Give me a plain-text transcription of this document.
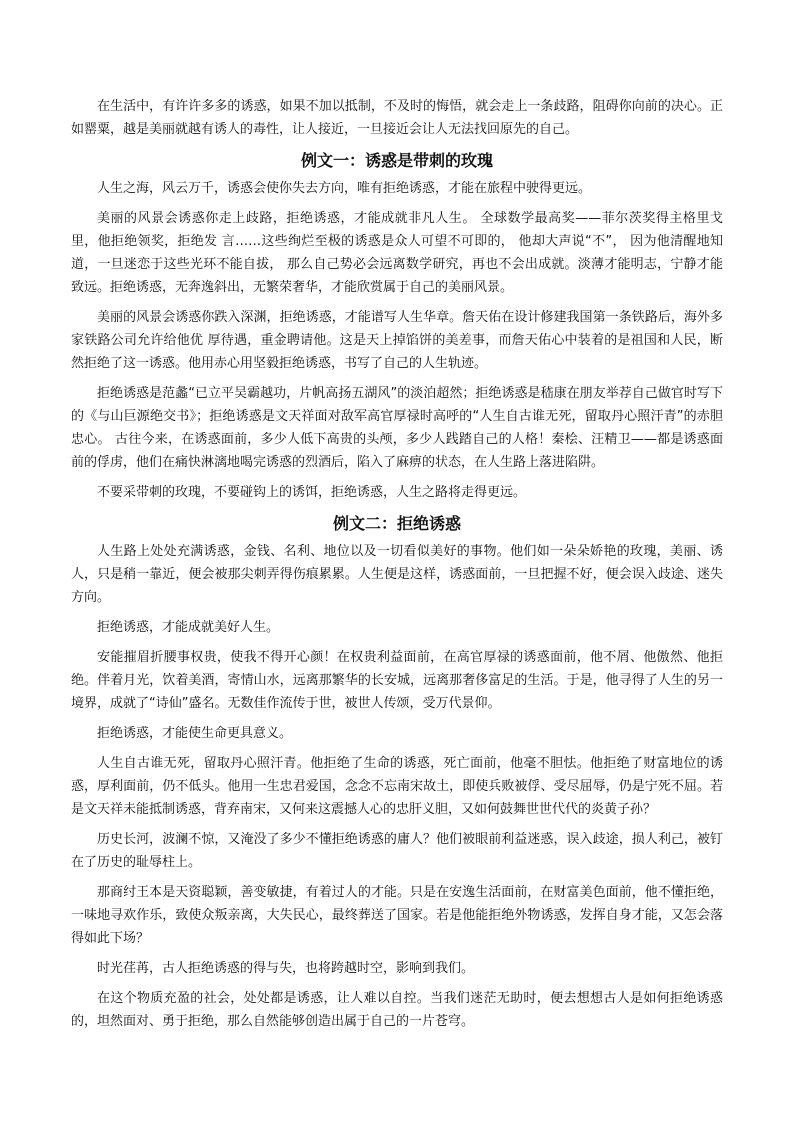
在生活中，有许许多多的诱惑，如果不加以抵制，不及时的悔悟，就会走上一条歧路，阻碍你向前的决心。正如罂粟，越是美丽就越有诱人的毒性，让人接近，一旦接近会让人无法找回原先的自己。

例文一：诱惑是带刺的玫瑰

人生之海，风云万千，诱惑会使你失去方向，唯有拒绝诱惑，才能在旅程中驶得更远。

美丽的风景会诱惑你走上歧路，拒绝诱惑，才能成就非凡人生。 全球数学最高奖——菲尔茨奖得主格里戈里，他拒绝领奖，拒绝发 言……这些绚烂至极的诱惑是众人可望不可即的， 他却大声说“不”， 因为他清醒地知道，一旦迷恋于这些光环不能自拔， 那么自己势必会远离数学研究，再也不会出成就。淡薄才能明志，宁静才能致远。拒绝诱惑，无奔逸斜出，无繁荣奢华，才能欣赏属于自己的美丽风景。

美丽的风景会诱惑你跌入深渊，拒绝诱惑，才能谱写人生华章。詹天佑在设计修建我国第一条铁路后，海外多家铁路公司允许给他优 厚待遇，重金聘请他。这是天上掉馅饼的美差事，而詹天佑心中装着的是祖国和人民，断然拒绝了这一诱惑。他用赤心用坚毅拒绝诱惑，书写了自己的人生轨迹。

拒绝诱惑是范蠡“已立平吴霸越功，片帆高扬五湖风”的淡泊超然；拒绝诱惑是嵇康在朋友举荐自己做官时写下的《与山巨源绝交书》；拒绝诱惑是文天祥面对敌军高官厚禄时高呼的“人生自古谁无死，留取丹心照汗青”的赤胆忠心。 古往今来，在诱惑面前，多少人低下高贵的头颅，多少人践踏自己的人格！秦桧、汪精卫——都是诱惑面前的俘虏，他们在痛快淋漓地喝完诱惑的烈酒后，陷入了麻痹的状态，在人生路上落进陷阱。

不要采带刺的玫瑰，不要碰钩上的诱饵，拒绝诱惑，人生之路将走得更远。

例文二：拒绝诱惑

人生路上处处充满诱惑，金钱、名利、地位以及一切看似美好的事物。他们如一朵朵娇艳的玫瑰，美丽、诱人，只是稍一靠近，便会被那尖刺弄得伤痕累累。人生便是这样，诱惑面前，一旦把握不好，便会误入歧途、迷失方向。

拒绝诱惑，才能成就美好人生。

安能摧眉折腰事权贵，使我不得开心颜！在权贵利益面前，在高官厚禄的诱惑面前，他不屑、他傲然、他拒绝。伴着月光，饮着美酒，寄情山水，远离那繁华的长安城，远离那奢侈富足的生活。于是，他寻得了人生的另一境界，成就了“诗仙”盛名。无数佳作流传于世，被世人传颂，受万代景仰。

拒绝诱惑，才能使生命更具意义。

人生自古谁无死，留取丹心照汗青。他拒绝了生命的诱惑，死亡面前，他毫不胆怯。他拒绝了财富地位的诱惑，厚利面前，仍不低头。他用一生忠君爱国，念念不忘南宋故土，即使兵败被俘、受尽屈辱，仍是宁死不屈。若是文天祥未能抵制诱惑，背弃南宋，又何来这震撼人心的忠肝义胆，又如何鼓舞世世代代的炎黄子孙？

历史长河，波澜不惊，又淹没了多少不懂拒绝诱惑的庸人？他们被眼前利益迷惑，误入歧途，损人利己，被钉在了历史的耻辱柱上。

那商纣王本是天资聪颖，善变敏捷，有着过人的才能。只是在安逸生活面前，在财富美色面前，他不懂拒绝，一味地寻欢作乐，致使众叛亲离，大失民心，最终葬送了国家。若是他能拒绝外物诱惑，发挥自身才能，又怎会落得如此下场？

时光荏苒，古人拒绝诱惑的得与失，也将跨越时空，影响到我们。

在这个物质充盈的社会，处处都是诱惑，让人难以自控。当我们迷茫无助时，便去想想古人是如何拒绝诱惑的，坦然面对、勇于拒绝，那么自然能够创造出属于自己的一片苍穹。
